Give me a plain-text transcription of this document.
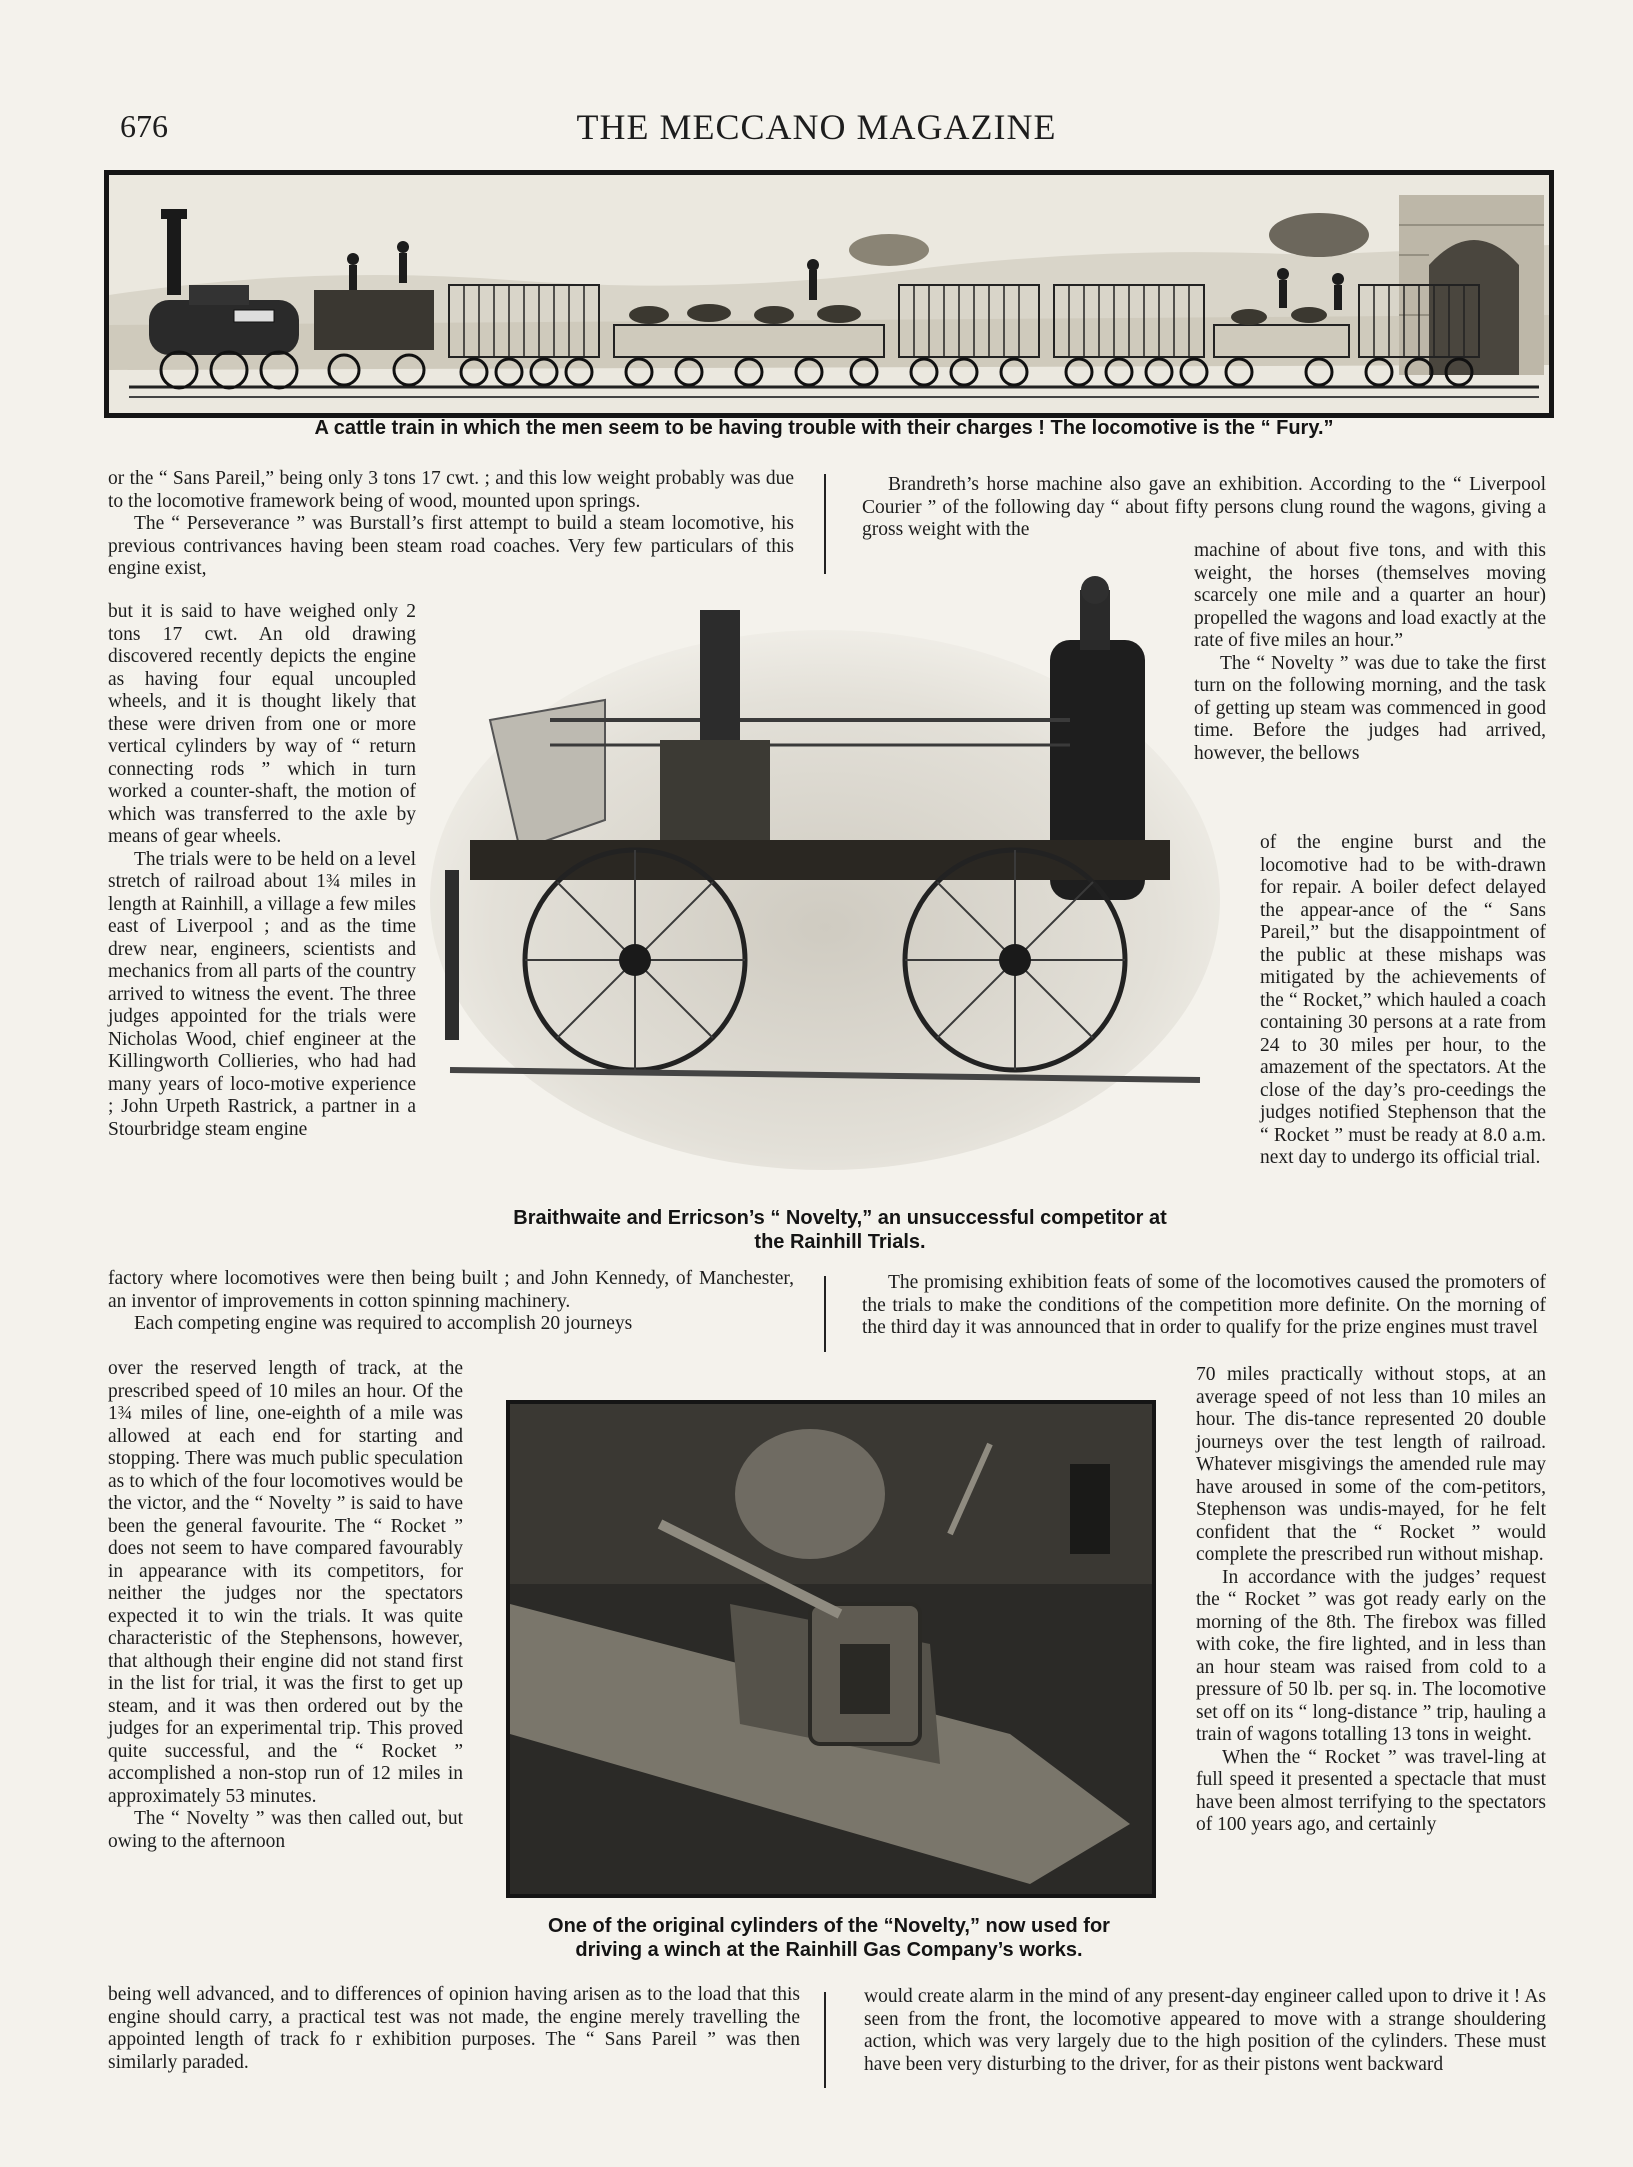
676	THE MECCANO MAGAZINE
A cattle train in which the men seem to be having trouble with their charges ! The locomotive is the “ Fury.”

or the “ Sans Pareil,” being only 3 tons 17 cwt. ; and this low weight probably was due to the locomotive framework being of wood, mounted upon springs.

The “ Perseverance ” was Burstall’s first attempt to build a steam locomotive, his previous contrivances having been steam road coaches. Very few particulars of this engine exist,

but it is said to have weighed only 2 tons 17 cwt. An old drawing discovered recently depicts the engine as having four equal uncoupled wheels, and it is thought likely that these were driven from one or more vertical cylinders by way of “ return connecting rods ” which in turn worked a counter-shaft, the motion of which was transferred to the axle by means of gear wheels.

The trials were to be held on a level stretch of railroad about 1¾ miles in length at Rainhill, a village a few miles east of Liverpool ; and as the time drew near, engineers, scientists and mechanics from all parts of the country arrived to witness the event. The three judges appointed for the trials were Nicholas Wood, chief engineer at the Killingworth Collieries, who had had many years of loco-motive experience ; John Urpeth Rastrick, a partner in a Stourbridge steam engine

factory where locomotives were then being built ; and John Kennedy, of Manchester, an inventor of improvements in cotton spinning machinery.

Each competing engine was required to accomplish 20 journeys

over the reserved length of track, at the prescribed speed of 10 miles an hour. Of the 1¾ miles of line, one-eighth of a mile was allowed at each end for starting and stopping. There was much public speculation as to which of the four locomotives would be the victor, and the “ Novelty ” is said to have been the general favourite. The “ Rocket ” does not seem to have compared favourably in appearance with its competitors, for neither the judges nor the spectators expected it to win the trials. It was quite characteristic of the Stephensons, however, that although their engine did not stand first in the list for trial, it was the first to get up steam, and it was then ordered out by the judges for an experimental trip. This proved quite successful, and the “ Rocket ” accomplished a non-stop run of 12 miles in approximately 53 minutes.

The “ Novelty ” was then called out, but owing to the afternoon

being well advanced, and to differences of opinion having arisen as to the load that this engine should carry, a practical test was not made, the engine merely travelling the appointed length of track fo r exhibition purposes. The “ Sans Pareil ” was then similarly paraded.

Brandreth’s horse machine also gave an exhibition. According to the “ Liverpool Courier ” of the following day “ about fifty persons clung round the wagons, giving a gross weight with the

machine of about five tons, and with this weight, the horses (themselves moving scarcely one mile and a quarter an hour) propelled the wagons and load exactly at the rate of five miles an hour.”

The “ Novelty ” was due to take the first turn on the following morning, and the task of getting up steam was commenced in good time. Before the judges had arrived, however, the bellows

of the engine burst and the locomotive had to be with-drawn for repair. A boiler defect delayed the appear-ance of the “ Sans Pareil,” but the disappointment of the public at these mishaps was mitigated by the achievements of the “ Rocket,” which hauled a coach containing 30 persons at a rate from 24 to 30 miles per hour, to the amazement of the spectators. At the close of the day’s pro-ceedings the judges notified Stephenson that the “ Rocket ” must be ready at 8.0 a.m. next day to undergo its official trial.

The promising exhibition feats of some of the locomotives caused the promoters of the trials to make the conditions of the competition more definite. On the morning of the third day it was announced that in order to qualify for the prize engines must travel

70 miles practically without stops, at an average speed of not less than 10 miles an hour. The dis-tance represented 20 double journeys over the test length of railroad. Whatever misgivings the amended rule may have aroused in some of the com-petitors, Stephenson was undis-mayed, for he felt confident that the “ Rocket ” would complete the prescribed run without mishap.

In accordance with the judges’ request the “ Rocket ” was got ready early on the morning of the 8th. The firebox was filled with coke, the fire lighted, and in less than an hour steam was raised from cold to a pressure of 50 lb. per sq. in. The locomotive set off on its “ long-distance ” trip, hauling a train of wagons totalling 13 tons in weight.

When the “ Rocket ” was travel-ling at full speed it presented a spectacle that must have been almost terrifying to the spectators of 100 years ago, and certainly

would create alarm in the mind of any present-day engineer called upon to drive it ! As seen from the front, the locomotive appeared to move with a strange shouldering action, which was very largely due to the high position of the cylinders. These must have been very disturbing to the driver, for as their pistons went backward

Braithwaite and Erricson’s “ Novelty,” an unsuccessful competitor at
the Rainhill Trials.
One of the original cylinders of the “Novelty,” now used for
driving a winch at the Rainhill Gas Company’s works.
